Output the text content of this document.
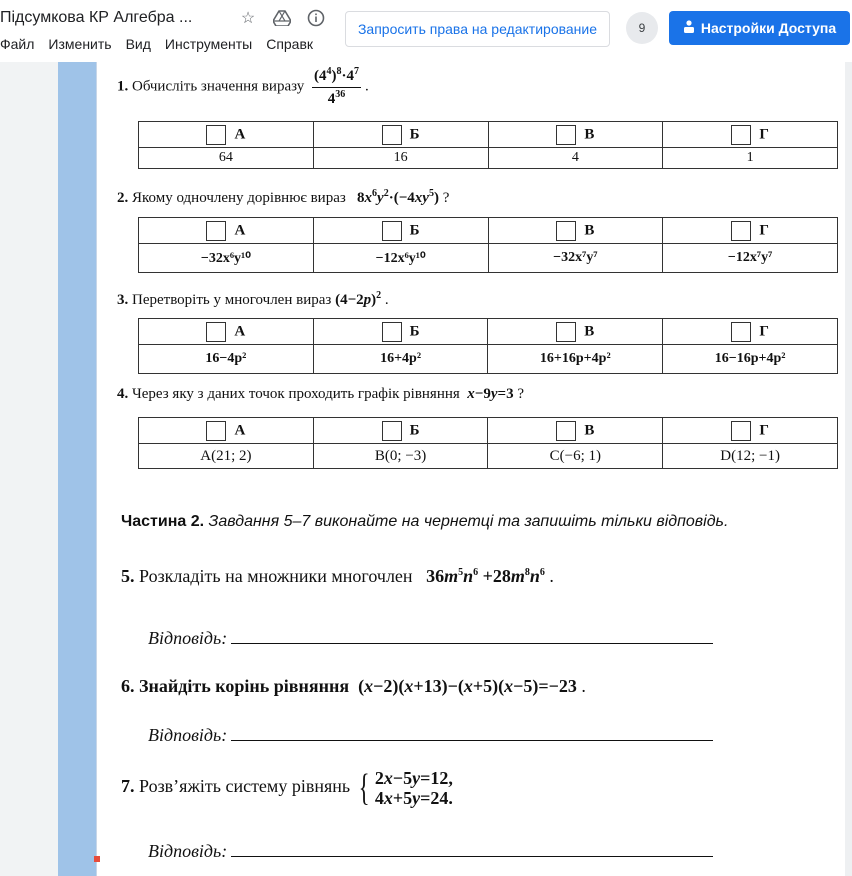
Підсумкова КР Алгебра ...	☆
Файл Изменить Вид Инструменты Справк
Запросить права на редактирование	9	Настройки Доступа
1. Обчисліть значення виразу $\frac{(4^4)^8\cdot 4^7}{4^{36}}$ .
А	Б	В	Г
64	16	4	1
2. Якому одночлену дорівнює вираз $8x^6y^2\cdot(-4xy^5)$ ?
А	Б	В	Г
−32x⁶y¹⁰	−12x⁶y¹⁰	−32x⁷y⁷	−12x⁷y⁷
3. Перетворіть у многочлен вираз $(4-2p)^2$ .
А	Б	В	Г
16−4p²	16+4p²	16+16p+4p²	16−16p+4p²
4. Через яку з даних точок проходить графік рівняння x−9y=3 ?
А	Б	В	Г
A(21; 2)	B(0; −3)	C(−6; 1)	D(12; −1)
Частина 2. Завдання 5–7 виконайте на чернетці та запишіть тільки відповідь.
5. Розкладіть на множники многочлен $36m^5n^6 +28m^8n^6$ .
Відповідь:
6. Знайдіть корінь рівняння (x−2)(x+13)−(x+5)(x−5)=−23 .
Відповідь:
7. Розв’яжіть систему рівнянь { 2x−5y=12,
4x+5y=24.
Відповідь:
